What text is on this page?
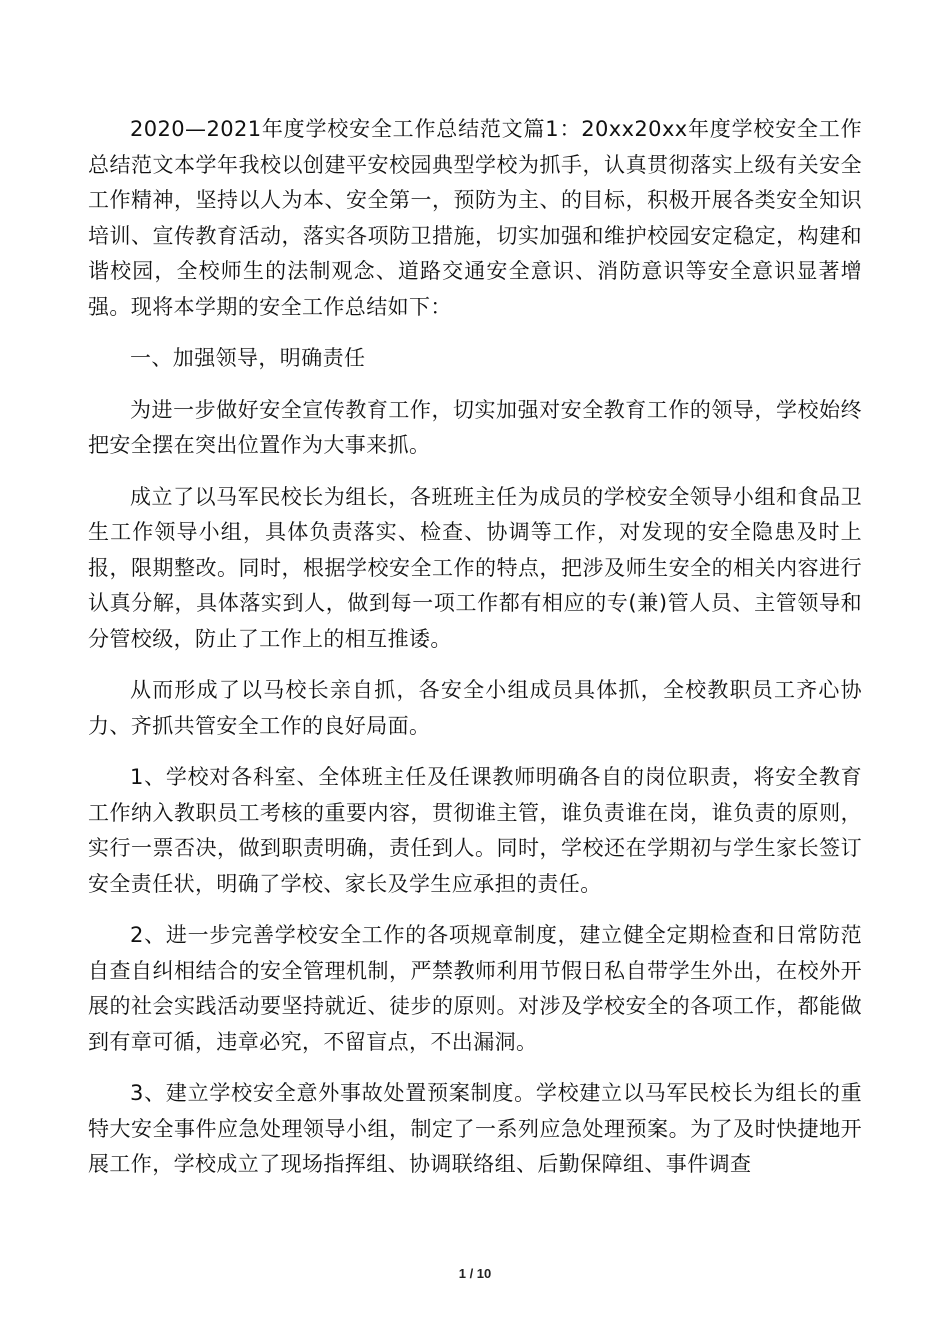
2020—2021年度学校安全工作总结范文篇1：20xx20xx年度学校安全工作总结范文本学年我校以创建平安校园典型学校为抓手，认真贯彻落实上级有关安全工作精神，坚持以人为本、安全第一，预防为主、的目标，积极开展各类安全知识培训、宣传教育活动，落实各项防卫措施，切实加强和维护校园安定稳定，构建和谐校园，全校师生的法制观念、道路交通安全意识、消防意识等安全意识显著增强。现将本学期的安全工作总结如下：

一、加强领导，明确责任

为进一步做好安全宣传教育工作，切实加强对安全教育工作的领导，学校始终把安全摆在突出位置作为大事来抓。

成立了以马军民校长为组长，各班班主任为成员的学校安全领导小组和食品卫生工作领导小组，具体负责落实、检查、协调等工作，对发现的安全隐患及时上报，限期整改。同时，根据学校安全工作的特点，把涉及师生安全的相关内容进行认真分解，具体落实到人，做到每一项工作都有相应的专(兼)管人员、主管领导和分管校级，防止了工作上的相互推诿。

从而形成了以马校长亲自抓，各安全小组成员具体抓，全校教职员工齐心协力、齐抓共管安全工作的良好局面。

1、学校对各科室、全体班主任及任课教师明确各自的岗位职责，将安全教育工作纳入教职员工考核的重要内容，贯彻谁主管，谁负责谁在岗，谁负责的原则，实行一票否决，做到职责明确，责任到人。同时，学校还在学期初与学生家长签订安全责任状，明确了学校、家长及学生应承担的责任。

2、进一步完善学校安全工作的各项规章制度，建立健全定期检查和日常防范自查自纠相结合的安全管理机制，严禁教师利用节假日私自带学生外出，在校外开展的社会实践活动要坚持就近、徒步的原则。对涉及学校安全的各项工作，都能做到有章可循，违章必究，不留盲点，不出漏洞。

3、建立学校安全意外事故处置预案制度。学校建立以马军民校长为组长的重特大安全事件应急处理领导小组，制定了一系列应急处理预案。为了及时快捷地开展工作，学校成立了现场指挥组、协调联络组、后勤保障组、事件调查

1 / 10
